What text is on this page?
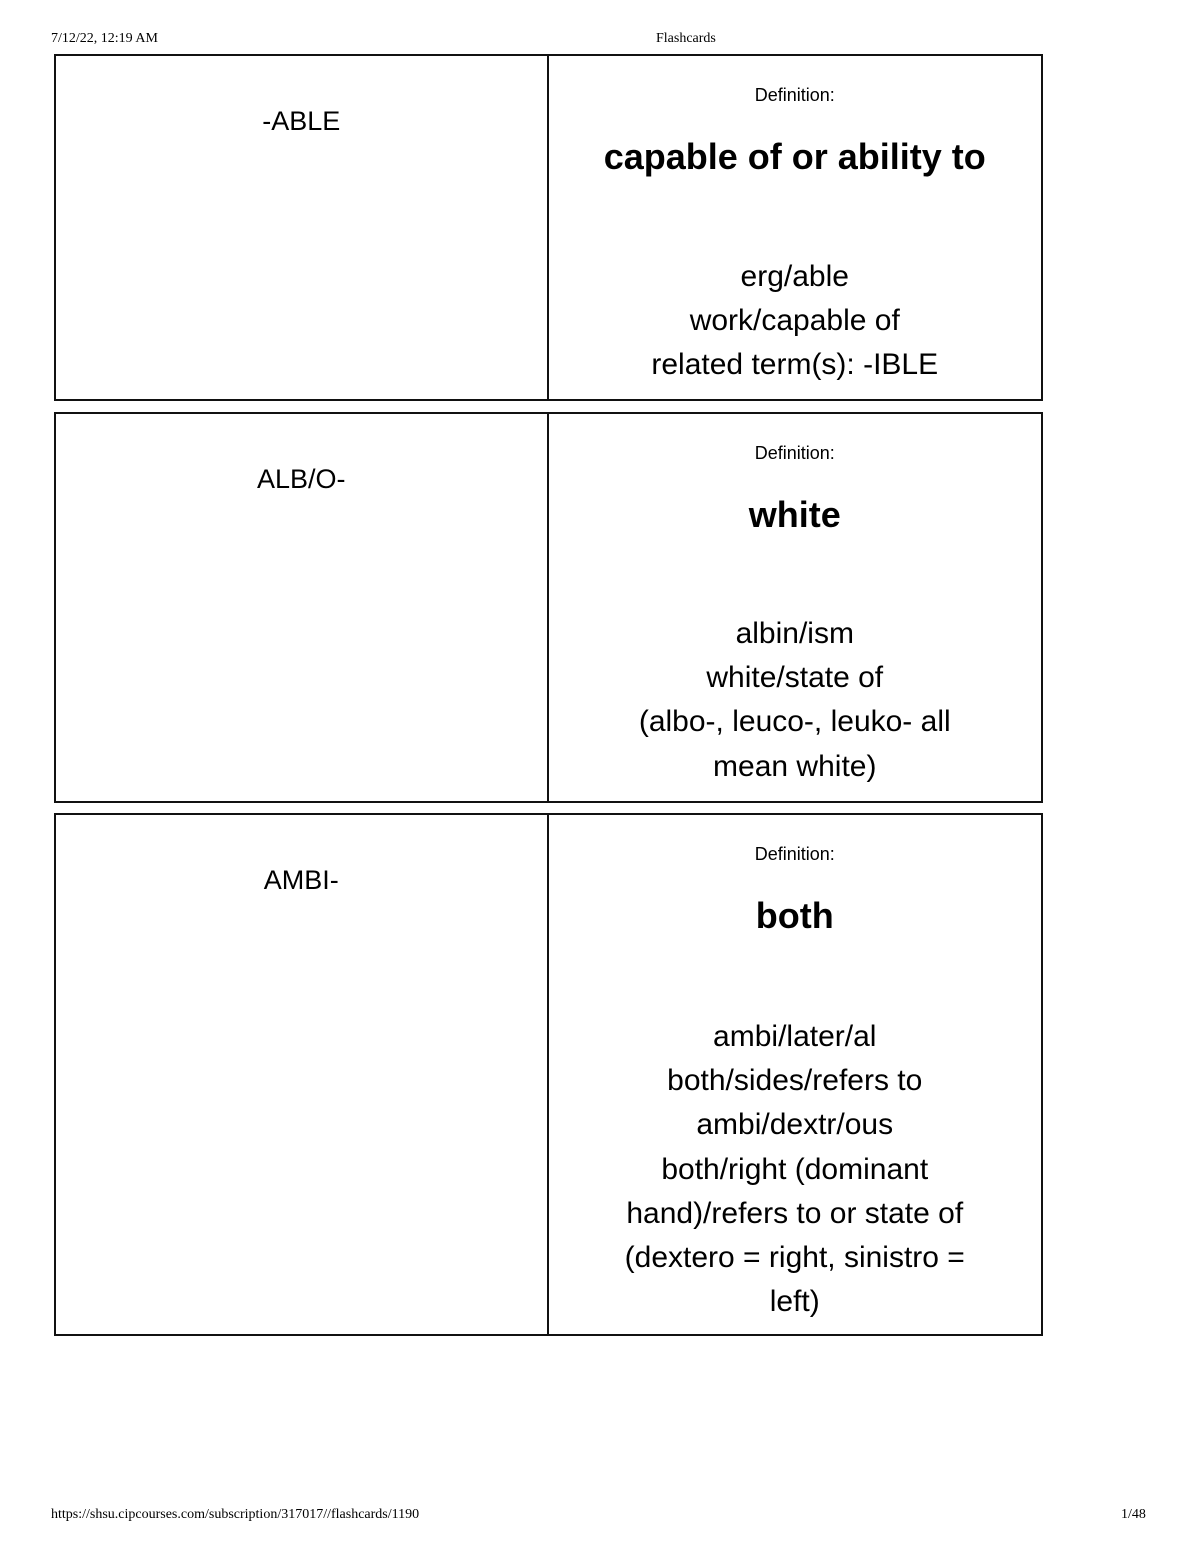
7/12/22, 12:19 AM	Flashcards
-ABLE
Definition:
capable of or ability to
erg/able
work/capable of
related term(s): -IBLE
ALB/O-
Definition:
white
albin/ism
white/state of
(albo-, leuco-, leuko- all
mean white)
AMBI-
Definition:
both
ambi/later/al
both/sides/refers to
ambi/dextr/ous
both/right (dominant
hand)/refers to or state of
(dextero = right, sinistro =
left)
https://shsu.cipcourses.com/subscription/317017//flashcards/1190	1/48
